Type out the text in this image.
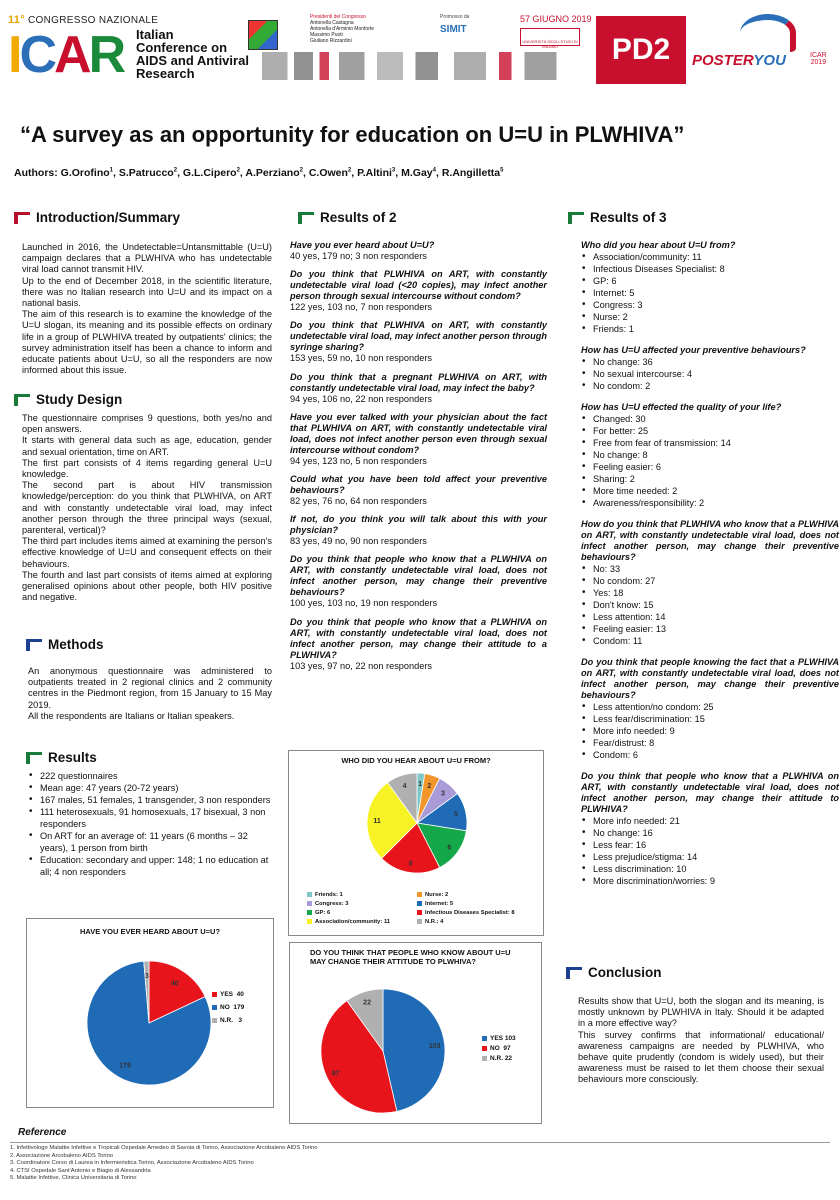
11° CONGRESSO NAZIONALE
ICAR Italian
Conference on
AIDS and Antiviral
Research
Presidenti del Congresso
Antonella Castagna
Antonella d'Arminio Monforte
Massimo Puoti
Giuliano Rizzardini
Promosso da
SIMIT
57 GIUGNO 2019
UNIVERSITÀ DEGLI STUDI DI MILANO	PD2	POSTERYOU	ICAR
2019
“A survey as an opportunity for education on U=U in PLWHIVA”
Authors: G.Orofino$^1$, S.Patrucco$^2$, G.L.Cipero$^2$, A.Perziano$^2$, C.Owen$^2$, P.Altini$^3$, M.Gay$^4$, R.Angilletta$^5$
Introduction/Summary
Launched in 2016, the Undetectable=Untansmittable (U=U) campaign declares that a PLWHIVA who has undetectable viral load cannot transmit HIV.
Up to the end of December 2018, in the scientific literature, there was no Italian research into U=U and its impact on a national basis.
The aim of this research is to examine the knowledge of the U=U slogan, its meaning and its possible effects on ordinary life in a group of PLWHIVA treated by outpatients' clinics; the survey administration itself has been a chance to inform and educate patients about U=U, so all the responders are now informed about this issue.
Study Design
The questionnaire comprises 9 questions, both yes/no and open answers.
It starts with general data such as age, education, gender and sexual orientation, time on ART.
The first part consists of 4 items regarding general U=U knowledge.
The second part is about HIV transmission knowledge/perception: do you think that PLWHIVA, on ART and with constantly undetectable viral load, may infect another person through the three principal ways (sexual, parenteral, vertical)?
The third part includes items aimed at examining the person's effective knowledge of U=U and consequent effects on their behaviours.
The fourth and last part consists of items aimed at exploring generalised opinions about other people, both HIV positive and negative.
Methods
An anonymous questionnaire was administered to outpatients treated in 2 regional clinics and 2 community centres in the Piedmont region, from 15 January to 15 May 2019.
All the respondents are Italians or Italian speakers.
Results
• 222 questionnaires
• Mean age: 47 years (20-72 years)
• 167 males, 51 females, 1 transgender, 3 non responders
• 111 heterosexuals, 91 homosexuals, 17 bisexual, 3 non responders
• On ART for an average of: 11 years (6 months – 32 years), 1 person from birth
• Education: secondary and upper: 148; 1 no education at all; 4 non responders
HAVE YOU EVER HEARD ABOUT U=U?
40
179
3
YES 40
NO 179
N.R. 3
Results of 2
Have you ever heard about U=U?
40 yes, 179 no; 3 non responders
Do you think that PLWHIVA on ART, with constantly undetectable viral load (<20 copies), may infect another person through sexual intercourse without condom?
122 yes, 103 no, 7 non responders
Do you think that PLWHIVA on ART, with constantly undetectable viral load, may infect another person through syringe sharing?
153 yes, 59 no, 10 non responders
Do you think that a pregnant PLWHIVA on ART, with constantly undetectable viral load, may infect the baby?
94 yes, 106 no, 22 non responders
Have you ever talked with your physician about the fact that PLWHIVA on ART, with constantly undetectable viral load, does not infect another person even through sexual intercourse without condom?
94 yes, 123 no, 5 non responders
Could what you have been told affect your preventive behaviours?
82 yes, 76 no, 64 non responders
If not, do you think you will talk about this with your physician?
83 yes, 49 no, 90 non responders
Do you think that people who know that a PLWHIVA on ART, with constantly undetectable viral load, does not infect another person, may change their preventive behaviours?
100 yes, 103 no, 19 non responders
Do you think that people who know that a PLWHIVA on ART, with constantly undetectable viral load, does not infect another person, may change their attitude to a PLWHIVA?
103 yes, 97 no, 22 non responders
WHO DID YOU HEAR ABOUT U=U FROM?
1 2
3
5
6
8
11
4
Friends: 1	Nurse: 2
Congress: 3	Internet: 5
GP: 6	Infectious Diseases Specialist: 8
Association/community: 11	N.R.: 4
DO YOU THINK THAT PEOPLE WHO KNOW ABOUT U=U MAY CHANGE THEIR ATTITUDE TO PLWHIVA?
103
97
22
YES 103
NO 97
N.R. 22
Results of 3
Who did you hear about U=U from?
• Association/community: 11
• Infectious Diseases Specialist: 8
• GP: 6
• Internet: 5
• Congress: 3
• Nurse: 2
• Friends: 1
How has U=U affected your preventive behaviours?
• No change: 36
• No sexual intercourse: 4
• No condom: 2
How has U=U effected the quality of your life?
• Changed: 30
• For better: 25
• Free from fear of transmission: 14
• No change: 8
• Feeling easier: 6
• Sharing: 2
• More time needed: 2
• Awareness/responsibility: 2
How do you think that PLWHIVA who know that a PLWHIVA on ART, with constantly undetectable viral load, does not infect another person, may change their preventive behaviours?
• No: 33
• No condom: 27
• Yes: 18
• Don't know: 15
• Less attention: 14
• Feeling easier: 13
• Condom: 11
Do you think that people knowing the fact that a PLWHIVA on ART, with constantly undetectable viral load, does not infect another person, may change their preventive behaviours?
• Less attention/no condom: 25
• Less fear/discrimination: 15
• More info needed: 9
• Fear/distrust: 8
• Condom: 6
Do you think that people who know that a PLWHIVA on ART, with constantly undetectable viral load, does not infect another person, may change their attitude to PLWHIVA?
• More info needed: 21
• No change: 16
• Less fear: 16
• Less prejudice/stigma: 14
• Less discrimination: 10
• More discrimination/worries: 9
Conclusion
Results show that U=U, both the slogan and its meaning, is mostly unknown by PLWHIVA in Italy. Should it be adapted in a more effective way?
This survey confirms that informational/ educational/ awareness campaigns are needed by PLWHIVA, who behave quite prudently (condom is widely used), but their awareness must be raised to let them choose their sexual behaviours more consciously.
Reference
1. Infettivologo Malattie Infettive e Tropicali Ospedale Amedeo di Savoia di Torino, Associazione Arcobaleno AIDS Torino
2. Associazione Arcobaleno AIDS Torino
3. Coordinatore Corso di Laurea in Infermieristica Torino, Associazione Arcobaleno AIDS Torino
4. CTSI Ospedale Sant'Antonio e Biagio di Alessandria
5. Malattie Infettive, Clinica Universitaria di Torino
